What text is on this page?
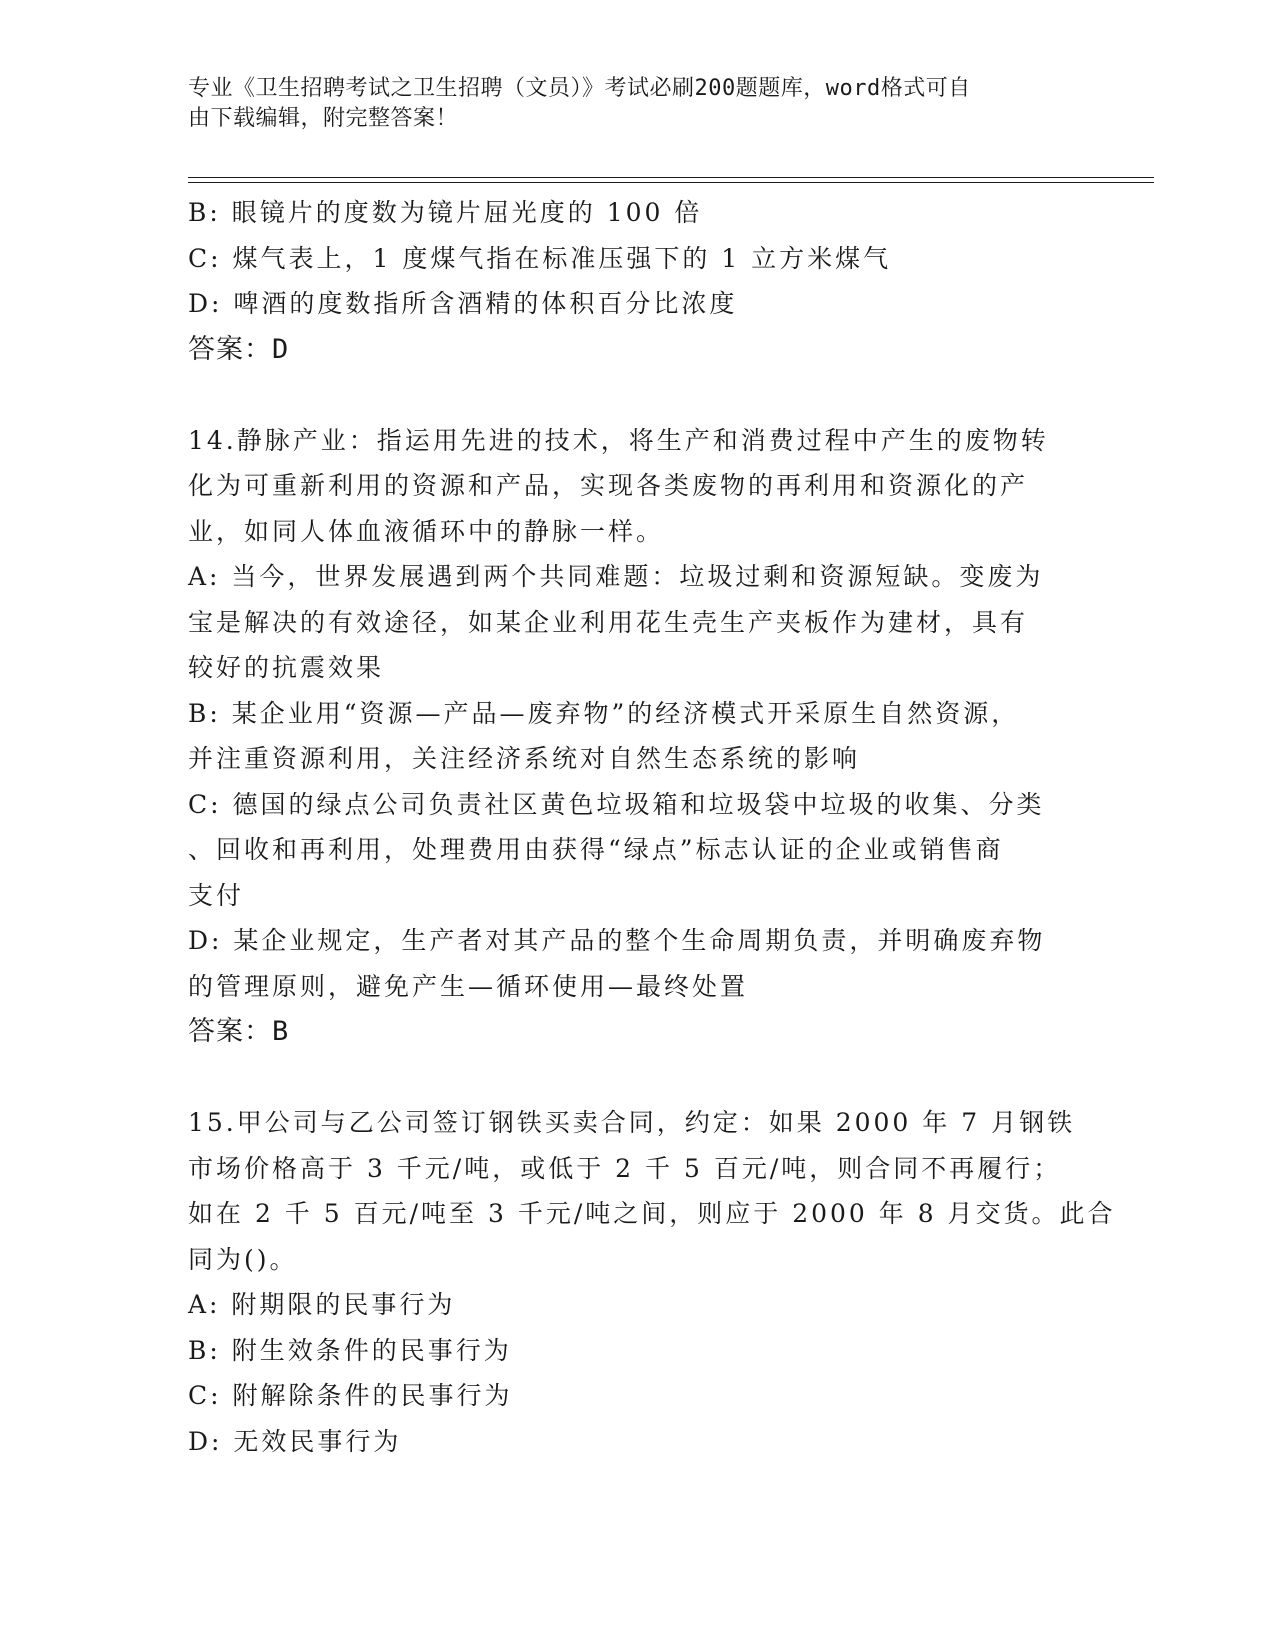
专业《卫生招聘考试之卫生招聘（文员）》考试必刷200题题库，word格式可自
由下载编辑，附完整答案！
B: 眼镜片的度数为镜片屈光度的 100 倍
C: 煤气表上，1 度煤气指在标准压强下的 1 立方米煤气
D: 啤酒的度数指所含酒精的体积百分比浓度
答案：D
14.静脉产业：指运用先进的技术，将生产和消费过程中产生的废物转
化为可重新利用的资源和产品，实现各类废物的再利用和资源化的产
业，如同人体血液循环中的静脉一样。
A: 当今，世界发展遇到两个共同难题：垃圾过剩和资源短缺。变废为
宝是解决的有效途径，如某企业利用花生壳生产夹板作为建材，具有
较好的抗震效果
B: 某企业用“资源—产品—废弃物”的经济模式开采原生自然资源，
并注重资源利用，关注经济系统对自然生态系统的影响
C: 德国的绿点公司负责社区黄色垃圾箱和垃圾袋中垃圾的收集、分类
、回收和再利用，处理费用由获得“绿点”标志认证的企业或销售商
支付
D: 某企业规定，生产者对其产品的整个生命周期负责，并明确废弃物
的管理原则，避免产生—循环使用—最终处置
答案：B
15.甲公司与乙公司签订钢铁买卖合同，约定：如果 2000 年 7 月钢铁
市场价格高于 3 千元/吨，或低于 2 千 5 百元/吨，则合同不再履行；
如在 2 千 5 百元/吨至 3 千元/吨之间，则应于 2000 年 8 月交货。此合
同为()。
A: 附期限的民事行为
B: 附生效条件的民事行为
C: 附解除条件的民事行为
D: 无效民事行为
